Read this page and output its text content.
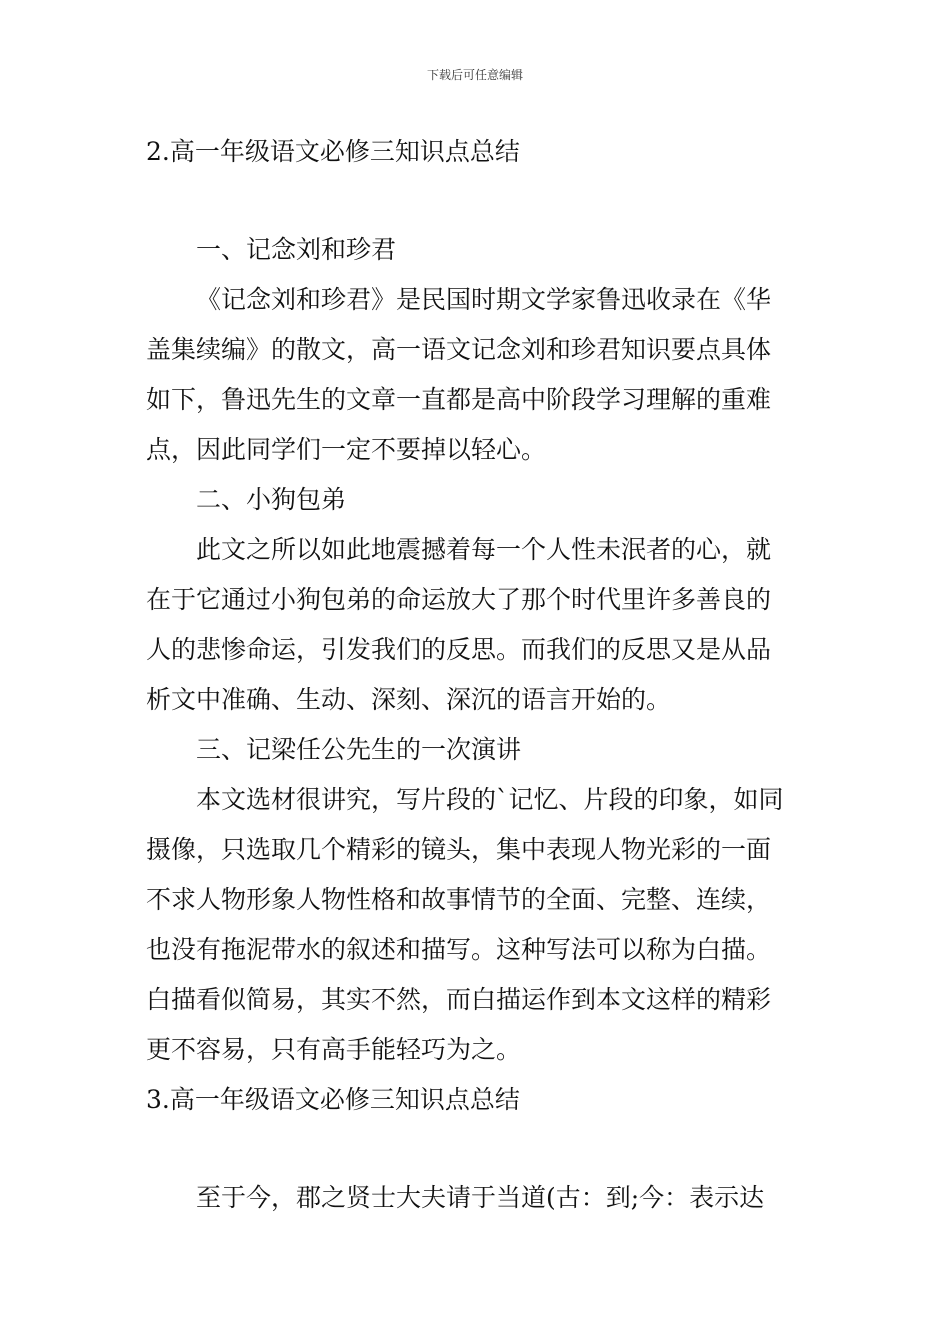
下载后可任意编辑
2.高一年级语文必修三知识点总结
一、记念刘和珍君
《记念刘和珍君》是民国时期文学家鲁迅收录在《华
盖集续编》的散文，高一语文记念刘和珍君知识要点具体
如下，鲁迅先生的文章一直都是高中阶段学习理解的重难
点，因此同学们一定不要掉以轻心。
二、小狗包弟
此文之所以如此地震撼着每一个人性未泯者的心，就
在于它通过小狗包弟的命运放大了那个时代里许多善良的
人的悲惨命运，引发我们的反思。而我们的反思又是从品
析文中准确、生动、深刻、深沉的语言开始的。
三、记梁任公先生的一次演讲
本文选材很讲究，写片段的`记忆、片段的印象，如同
摄像，只选取几个精彩的镜头，集中表现人物光彩的一面
不求人物形象人物性格和故事情节的全面、完整、连续，
也没有拖泥带水的叙述和描写。这种写法可以称为白描。
白描看似简易，其实不然，而白描运作到本文这样的精彩
更不容易，只有高手能轻巧为之。
3.高一年级语文必修三知识点总结
至于今，郡之贤士大夫请于当道(古：到;今：表示达
